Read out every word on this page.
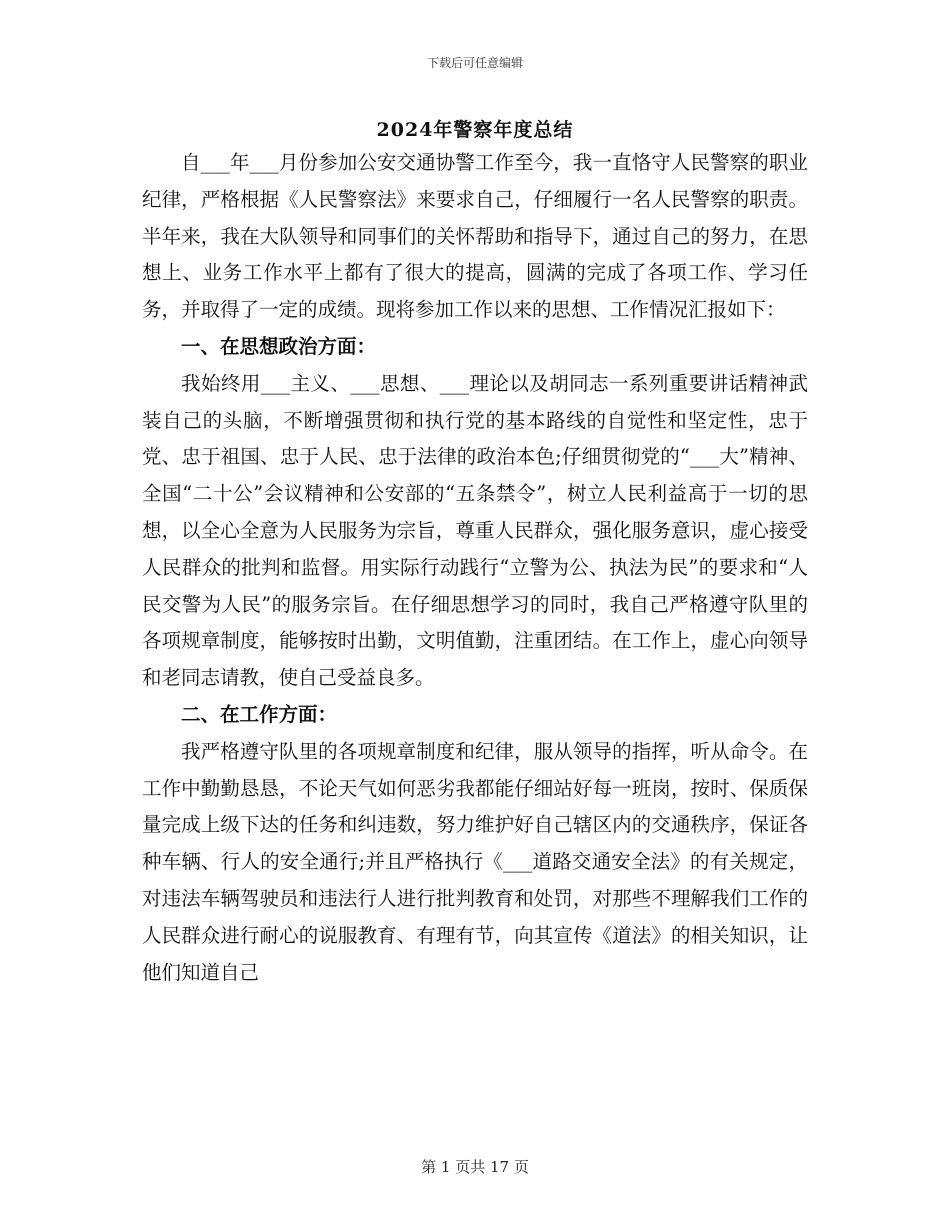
下载后可任意编辑
2024年警察年度总结

自___年___月份参加公安交通协警工作至今，我一直恪守人民警察的职业纪律，严格根据《人民警察法》来要求自己，仔细履行一名人民警察的职责。半年来，我在大队领导和同事们的关怀帮助和指导下，通过自己的努力，在思想上、业务工作水平上都有了很大的提高，圆满的完成了各项工作、学习任务，并取得了一定的成绩。现将参加工作以来的思想、工作情况汇报如下：

一、在思想政治方面：

我始终用___主义、___思想、___理论以及胡同志一系列重要讲话精神武装自己的头脑，不断增强贯彻和执行党的基本路线的自觉性和坚定性，忠于党、忠于祖国、忠于人民、忠于法律的政治本色;仔细贯彻党的“___大”精神、全国“二十公”会议精神和公安部的“五条禁令”，树立人民利益高于一切的思想，以全心全意为人民服务为宗旨，尊重人民群众，强化服务意识，虚心接受人民群众的批判和监督。用实际行动践行“立警为公、执法为民”的要求和“人民交警为人民”的服务宗旨。在仔细思想学习的同时，我自己严格遵守队里的各项规章制度，能够按时出勤，文明值勤，注重团结。在工作上，虚心向领导和老同志请教，使自己受益良多。

二、在工作方面：

我严格遵守队里的各项规章制度和纪律，服从领导的指挥，听从命令。在工作中勤勤恳恳，不论天气如何恶劣我都能仔细站好每一班岗，按时、保质保量完成上级下达的任务和纠违数，努力维护好自己辖区内的交通秩序，保证各种车辆、行人的安全通行;并且严格执行《___道路交通安全法》的有关规定，对违法车辆驾驶员和违法行人进行批判教育和处罚，对那些不理解我们工作的人民群众进行耐心的说服教育、有理有节，向其宣传《道法》的相关知识，让他们知道自己

第 1 页共 17 页
